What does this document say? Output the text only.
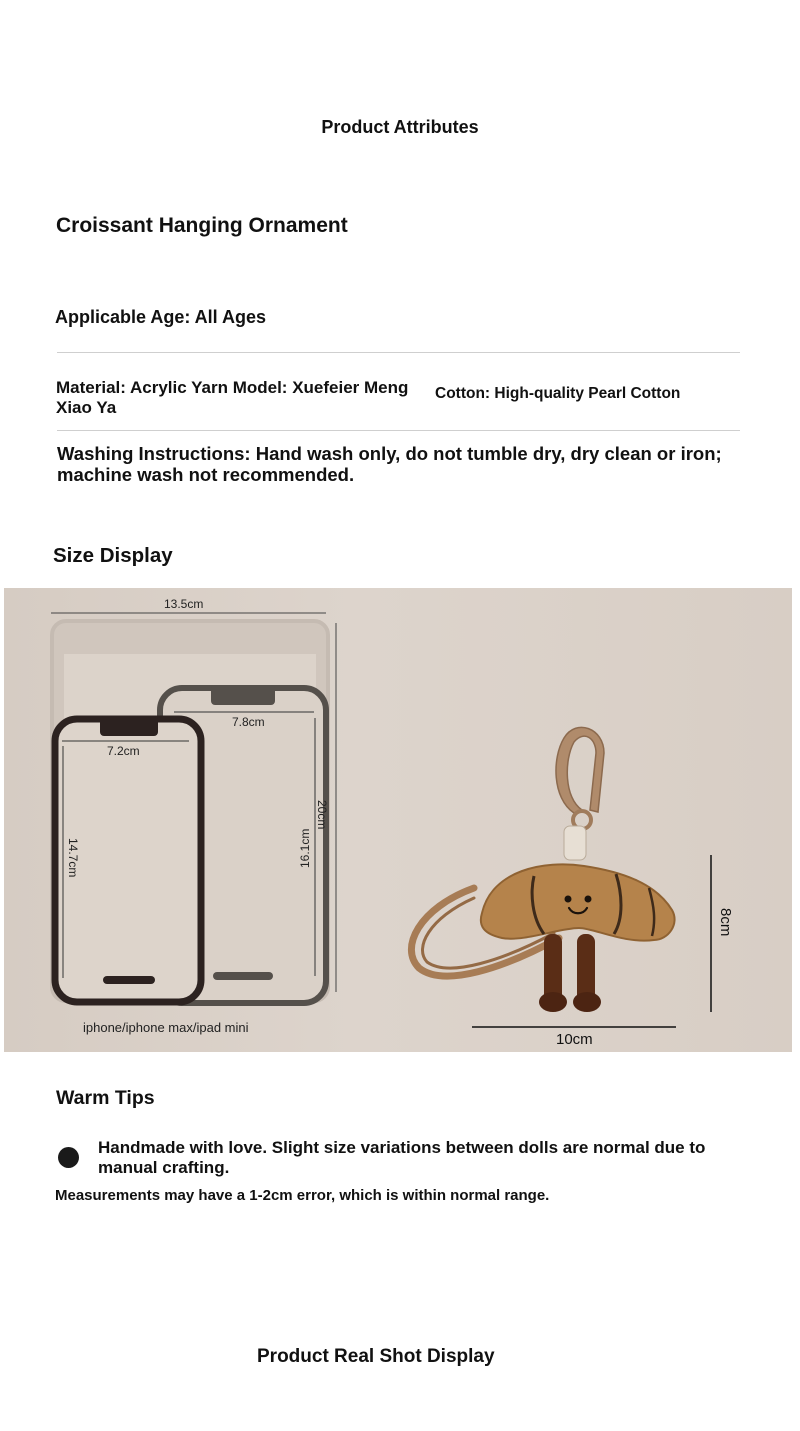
Product Attributes
Croissant Hanging Ornament
Applicable Age: All Ages
Material: Acrylic Yarn Model: Xuefeier Meng Xiao Ya
Cotton: High-quality Pearl Cotton
Washing Instructions: Hand wash only, do not tumble dry, dry clean or iron; machine wash not recommended.
Size Display
13.5cm
20cm
7.8cm
16.1cm
7.2cm
14.7cm
iphone/iphone max/ipad mini
8cm
10cm
Warm Tips
Handmade with love. Slight size variations between dolls are normal due to manual crafting.
Measurements may have a 1-2cm error, which is within normal range.
Product Real Shot Display
